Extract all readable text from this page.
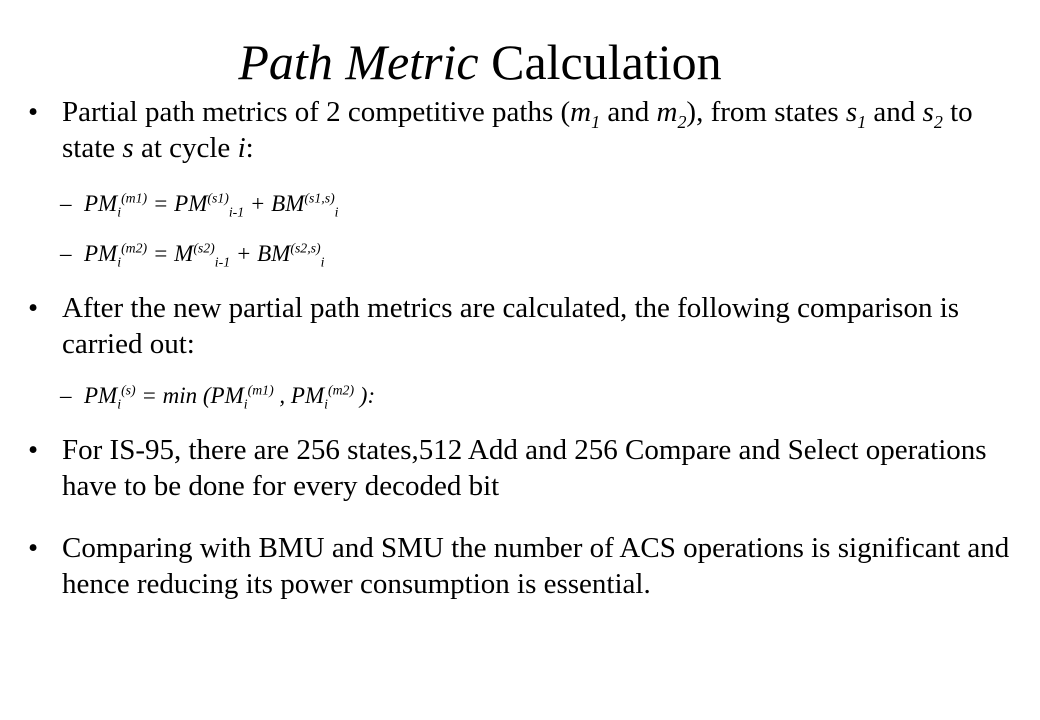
Path Metric Calculation
• Partial path metrics of 2 competitive paths ($m_1$ and $m_2$), from states $s_1$ and $s_2$ to state s at cycle i:
– $PM_i^{(m1)} = PM^{(s1)}_{i-1} + BM^{(s1,s)}_i$
– $PM_i^{(m2)} = M^{(s2)}_{i-1} + BM^{(s2,s)}_i$
• After the new partial path metrics are calculated, the following comparison is carried out:
– $PM_i^{(s)} = \min (PM_i^{(m1)}$ , $PM_i^{(m2)}$ ):
• For IS-95, there are 256 states,512 Add and 256 Compare and Select operations have to be done for every decoded bit
• Comparing with BMU and SMU the number of ACS operations is significant and hence reducing its power consumption is essential.
